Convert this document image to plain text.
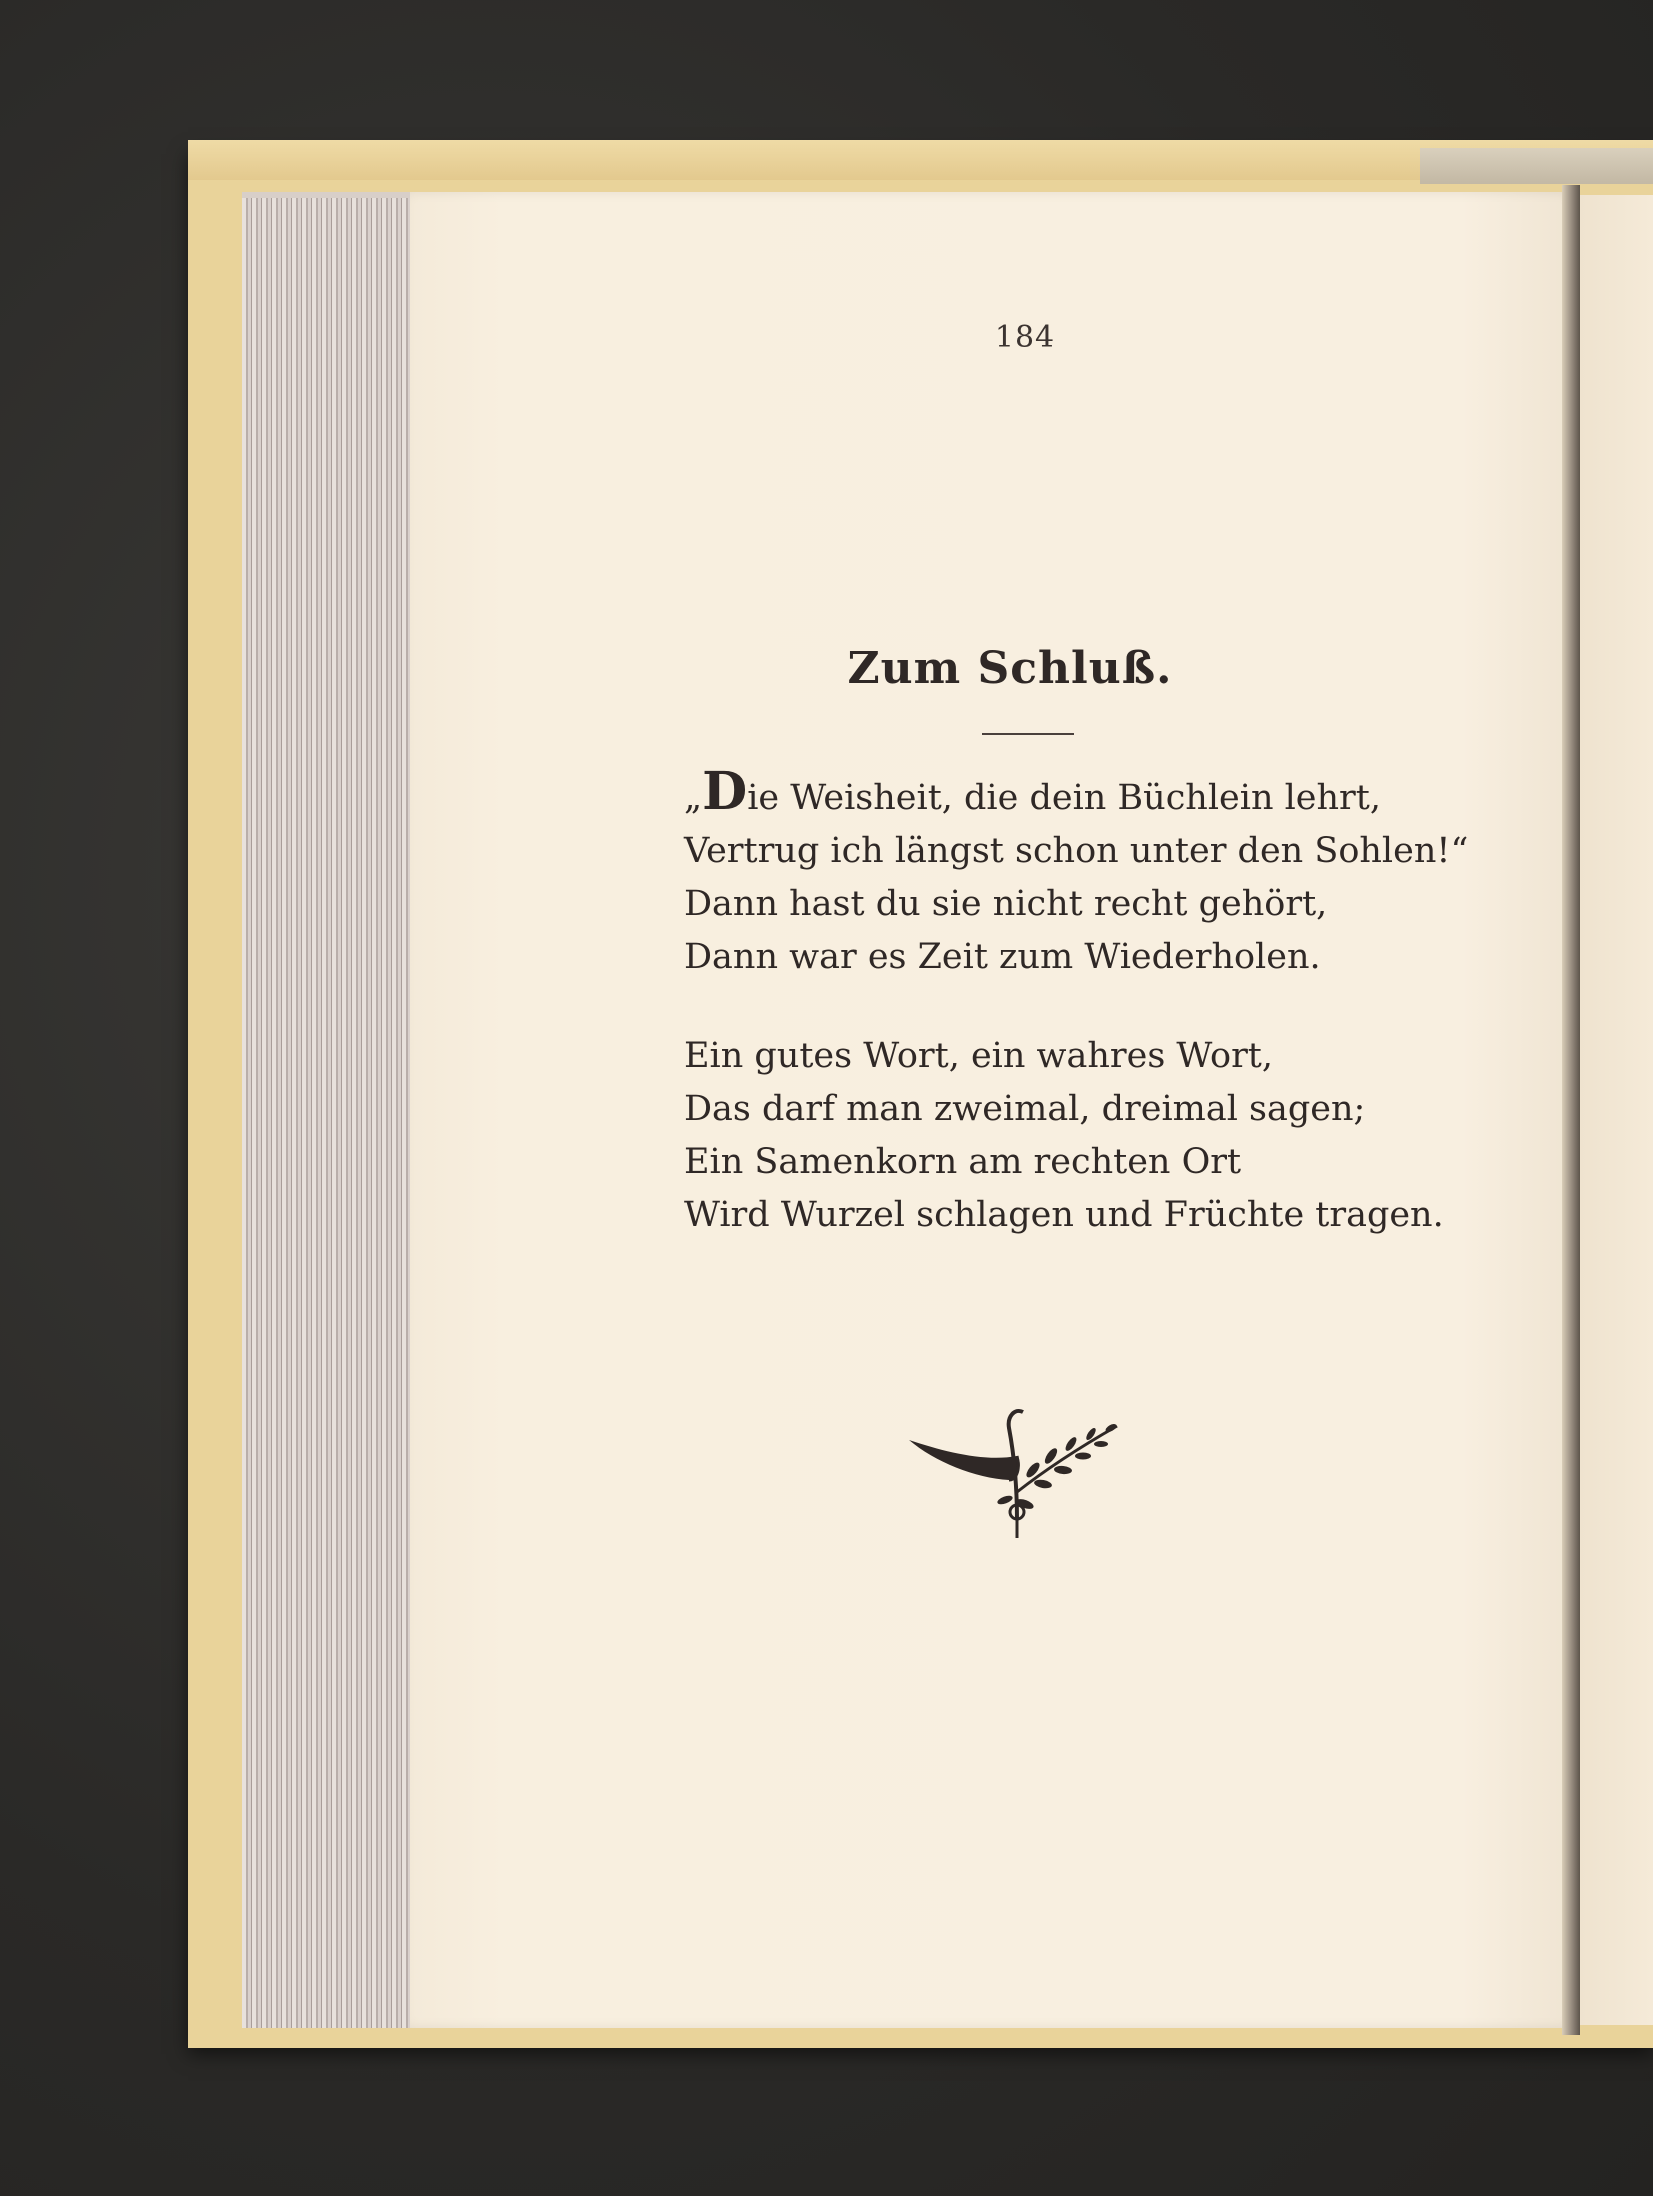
184
Zum Schluß.
„Die Weisheit, die dein Büchlein lehrt,
Vertrug ich längst schon unter den Sohlen!“
Dann hast du sie nicht recht gehört,
Dann war es Zeit zum Wiederholen.
Ein gutes Wort, ein wahres Wort,
Das darf man zweimal, dreimal sagen;
Ein Samenkorn am rechten Ort
Wird Wurzel schlagen und Früchte tragen.
